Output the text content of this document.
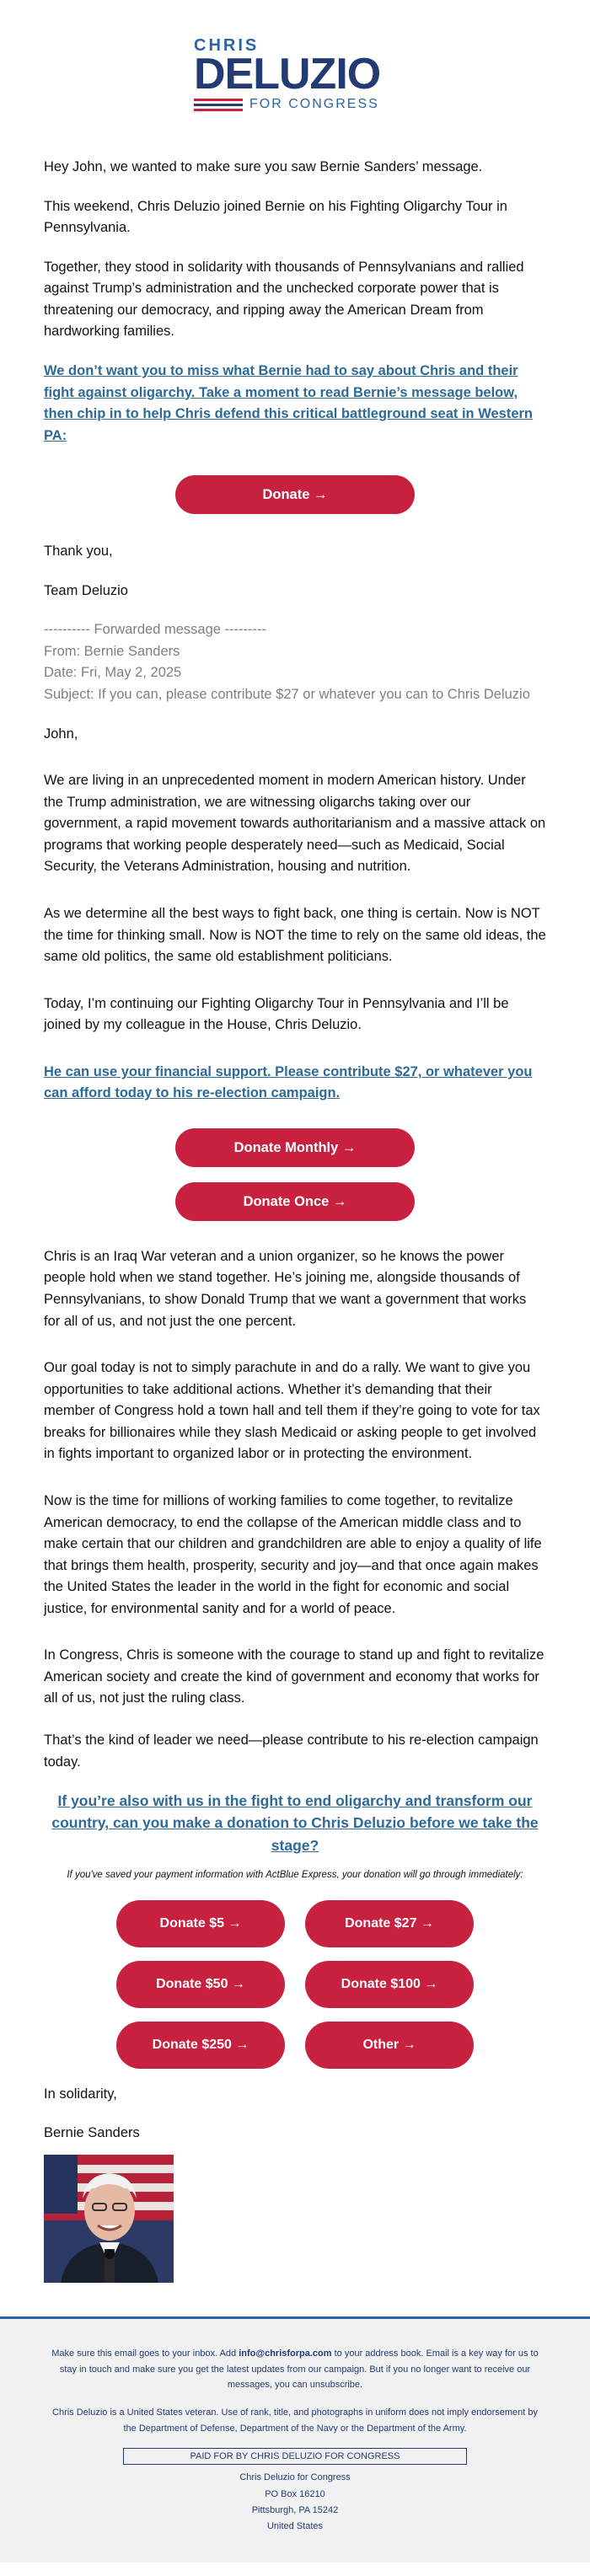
CHRIS
DELUZIO
FOR CONGRESS

Hey John, we wanted to make sure you saw Bernie Sanders’ message.

This weekend, Chris Deluzio joined Bernie on his Fighting Oligarchy Tour in Pennsylvania.

Together, they stood in solidarity with thousands of Pennsylvanians and rallied against Trump’s administration and the unchecked corporate power that is threatening our democracy, and ripping away the American Dream from hardworking families.

We don’t want you to miss what Bernie had to say about Chris and their fight against oligarchy. Take a moment to read Bernie’s message below, then chip in to help Chris defend this critical battleground seat in Western PA:

Donate →

Thank you,

Team Deluzio

---------- Forwarded message ---------
From: Bernie Sanders
Date: Fri, May 2, 2025
Subject: If you can, please contribute $27 or whatever you can to Chris Deluzio

John,

We are living in an unprecedented moment in modern American history. Under the Trump administration, we are witnessing oligarchs taking over our government, a rapid movement towards authoritarianism and a massive attack on programs that working people desperately need—such as Medicaid, Social Security, the Veterans Administration, housing and nutrition.

As we determine all the best ways to fight back, one thing is certain. Now is NOT the time for thinking small. Now is NOT the time to rely on the same old ideas, the same old politics, the same old establishment politicians.

Today, I’m continuing our Fighting Oligarchy Tour in Pennsylvania and I’ll be joined by my colleague in the House, Chris Deluzio.

He can use your financial support. Please contribute $27, or whatever you can afford today to his re-election campaign.

Donate Monthly →
Donate Once →

Chris is an Iraq War veteran and a union organizer, so he knows the power people hold when we stand together. He’s joining me, alongside thousands of Pennsylvanians, to show Donald Trump that we want a government that works for all of us, and not just the one percent.

Our goal today is not to simply parachute in and do a rally. We want to give you opportunities to take additional actions. Whether it’s demanding that their member of Congress hold a town hall and tell them if they’re going to vote for tax breaks for billionaires while they slash Medicaid or asking people to get involved in fights important to organized labor or in protecting the environment.

Now is the time for millions of working families to come together, to revitalize American democracy, to end the collapse of the American middle class and to make certain that our children and grandchildren are able to enjoy a quality of life that brings them health, prosperity, security and joy—and that once again makes the United States the leader in the world in the fight for economic and social justice, for environmental sanity and for a world of peace.

In Congress, Chris is someone with the courage to stand up and fight to revitalize American society and create the kind of government and economy that works for all of us, not just the ruling class.

That’s the kind of leader we need—please contribute to his re-election campaign today.

If you’re also with us in the fight to end oligarchy and transform our country, can you make a donation to Chris Deluzio before we take the stage?
If you've saved your payment information with ActBlue Express, your donation will go through immediately:
Donate $5 →	Donate $27 →
Donate $50 →	Donate $100 →
Donate $250 →	Other →

In solidarity,

Bernie Sanders

Make sure this email goes to your inbox. Add info@chrisforpa.com to your address book. Email is a key way for us to stay in touch and make sure you get the latest updates from our campaign. But if you no longer want to receive our messages, you can unsubscribe.

Chris Deluzio is a United States veteran. Use of rank, title, and photographs in uniform does not imply endorsement by the Department of Defense, Department of the Navy or the Department of the Army.

PAID FOR BY CHRIS DELUZIO FOR CONGRESS

Chris Deluzio for Congress

PO Box 16210

Pittsburgh, PA 15242

United States
